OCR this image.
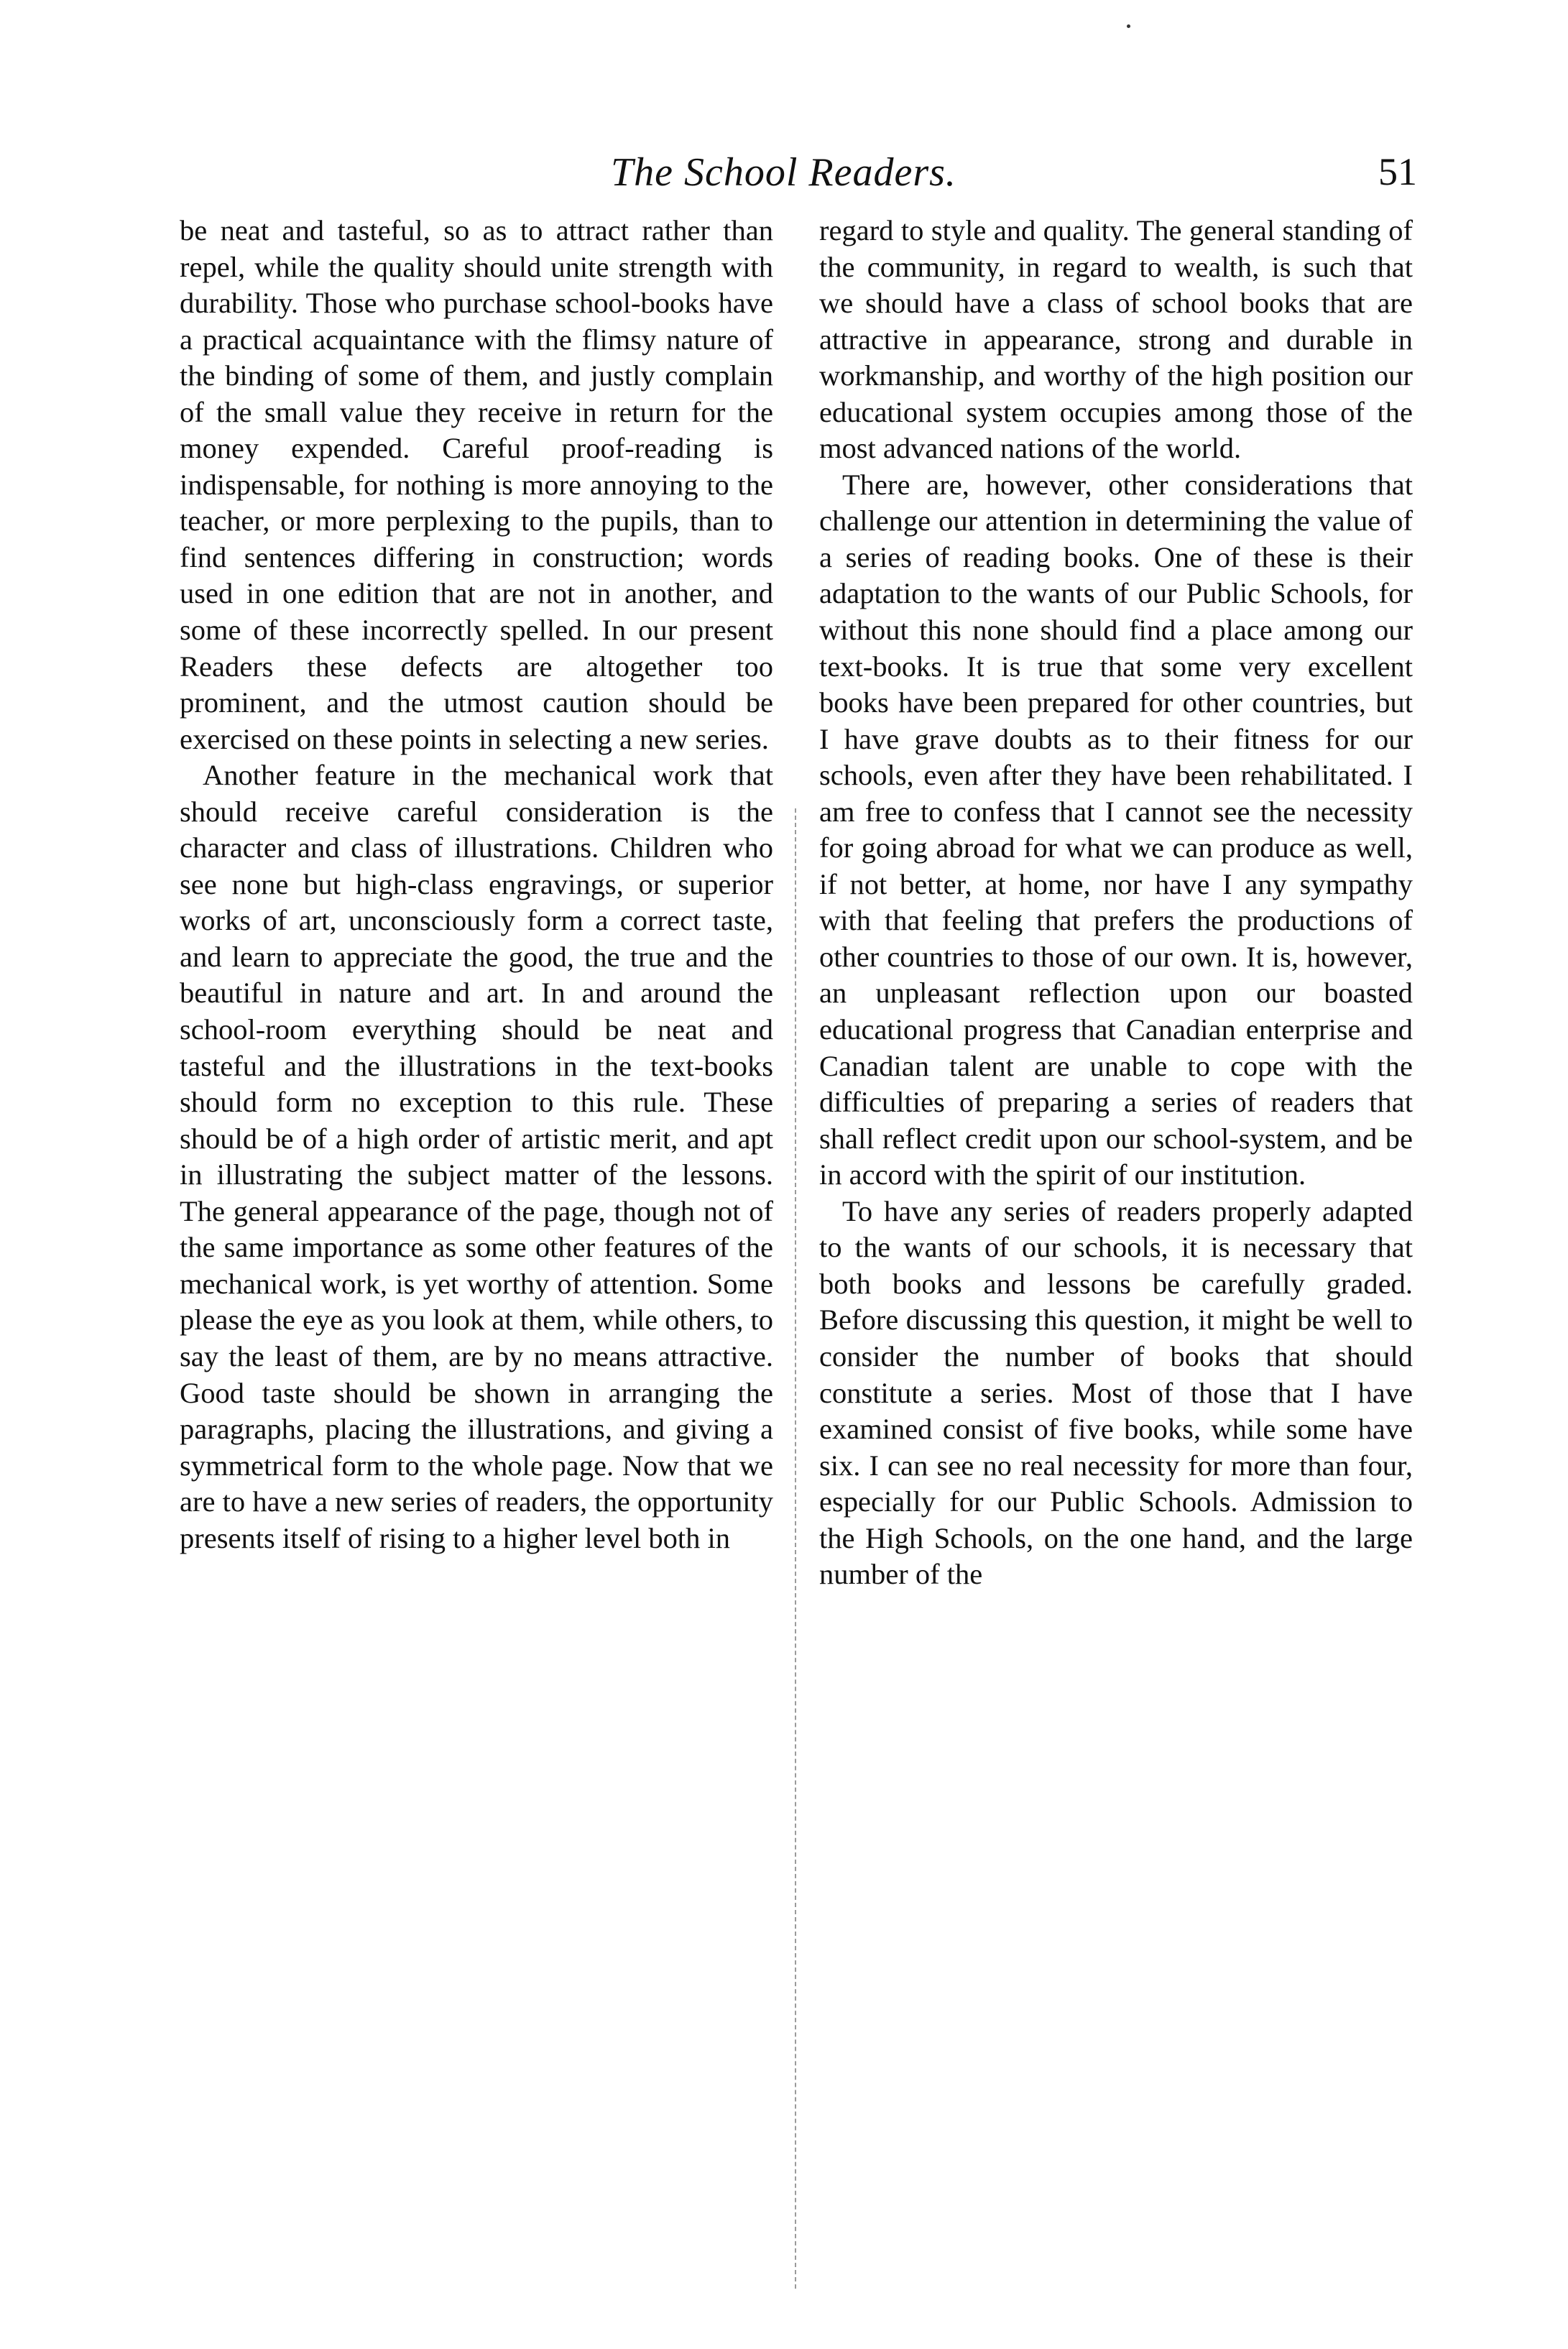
The School Readers.	51

be neat and tasteful, so as to attract rather than repel, while the quality should unite strength with durability. Those who purchase school-books have a practical acquaintance with the flimsy nature of the binding of some of them, and justly complain of the small value they receive in return for the money expended. Careful proof-reading is indispensable, for nothing is more annoying to the teacher, or more perplexing to the pupils, than to find sentences differing in construction; words used in one edition that are not in another, and some of these incorrectly spelled. In our present Readers these defects are altogether too prominent, and the utmost caution should be exercised on these points in selecting a new series.

Another feature in the mechanical work that should receive careful consideration is the character and class of illustrations. Children who see none but high-class engravings, or superior works of art, unconsciously form a correct taste, and learn to appreciate the good, the true and the beautiful in nature and art. In and around the school-room everything should be neat and tasteful and the illustrations in the text-books should form no exception to this rule. These should be of a high order of artistic merit, and apt in illustrating the subject matter of the lessons. The general appearance of the page, though not of the same importance as some other features of the mechanical work, is yet worthy of attention. Some please the eye as you look at them, while others, to say the least of them, are by no means attractive. Good taste should be shown in arranging the paragraphs, placing the illustrations, and giving a symmetrical form to the whole page. Now that we are to have a new series of readers, the opportunity presents itself of rising to a higher level both in

regard to style and quality. The general standing of the community, in regard to wealth, is such that we should have a class of school books that are attractive in appearance, strong and durable in workmanship, and worthy of the high position our educational system occupies among those of the most advanced nations of the world.

There are, however, other considerations that challenge our attention in determining the value of a series of reading books. One of these is their adaptation to the wants of our Public Schools, for without this none should find a place among our text-books. It is true that some very excellent books have been prepared for other countries, but I have grave doubts as to their fitness for our schools, even after they have been rehabilitated. I am free to confess that I cannot see the necessity for going abroad for what we can produce as well, if not better, at home, nor have I any sympathy with that feeling that prefers the productions of other countries to those of our own. It is, however, an unpleasant reflection upon our boasted educational progress that Canadian enterprise and Canadian talent are unable to cope with the difficulties of preparing a series of readers that shall reflect credit upon our school-system, and be in accord with the spirit of our institution.

To have any series of readers properly adapted to the wants of our schools, it is necessary that both books and lessons be carefully graded. Before discussing this question, it might be well to consider the number of books that should constitute a series. Most of those that I have examined consist of five books, while some have six. I can see no real necessity for more than four, especially for our Public Schools. Admission to the High Schools, on the one hand, and the large number of the
